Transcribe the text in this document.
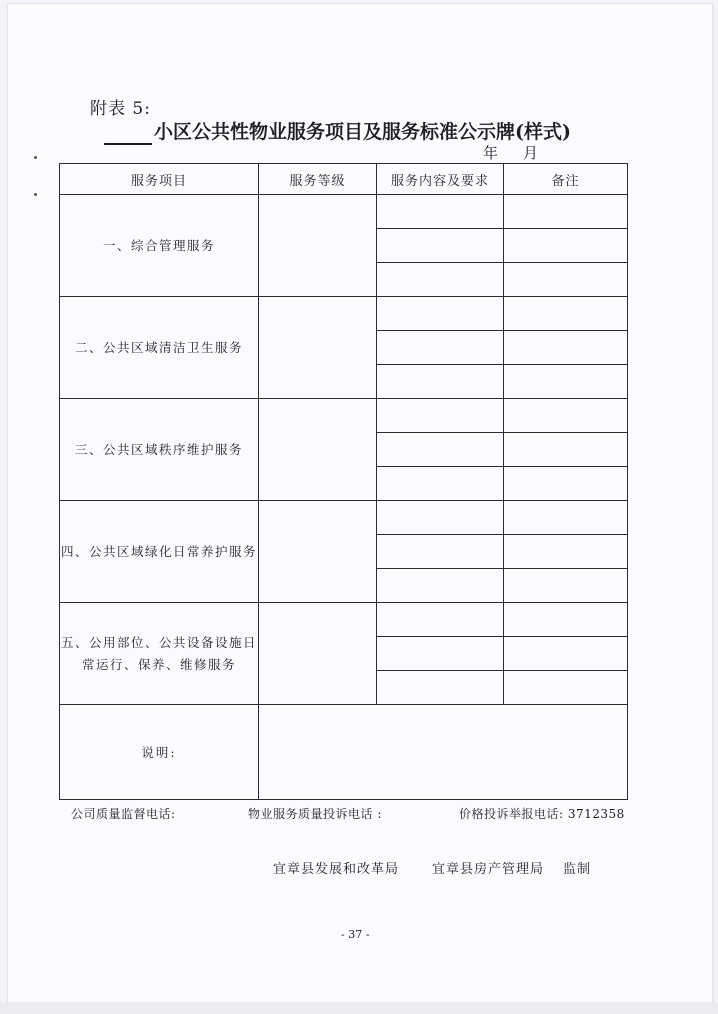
附表 5:
小区公共性物业服务项目及服务标准公示牌(样式)
年 月
服务项目	服务等级	服务内容及要求	备注
一、综合管理服务			

二、公共区域清洁卫生服务			

三、公共区域秩序维护服务			

四、公共区域绿化日常养护服务			

五、公用部位、公共设备设施日常运行、保养、维修服务			

说明:			
公司质量监督电话:	物业服务质量投诉电话 :	价格投诉举报电话: 3712358
宜章县发展和改革局	宜章县房产管理局 监制
- 37 -
